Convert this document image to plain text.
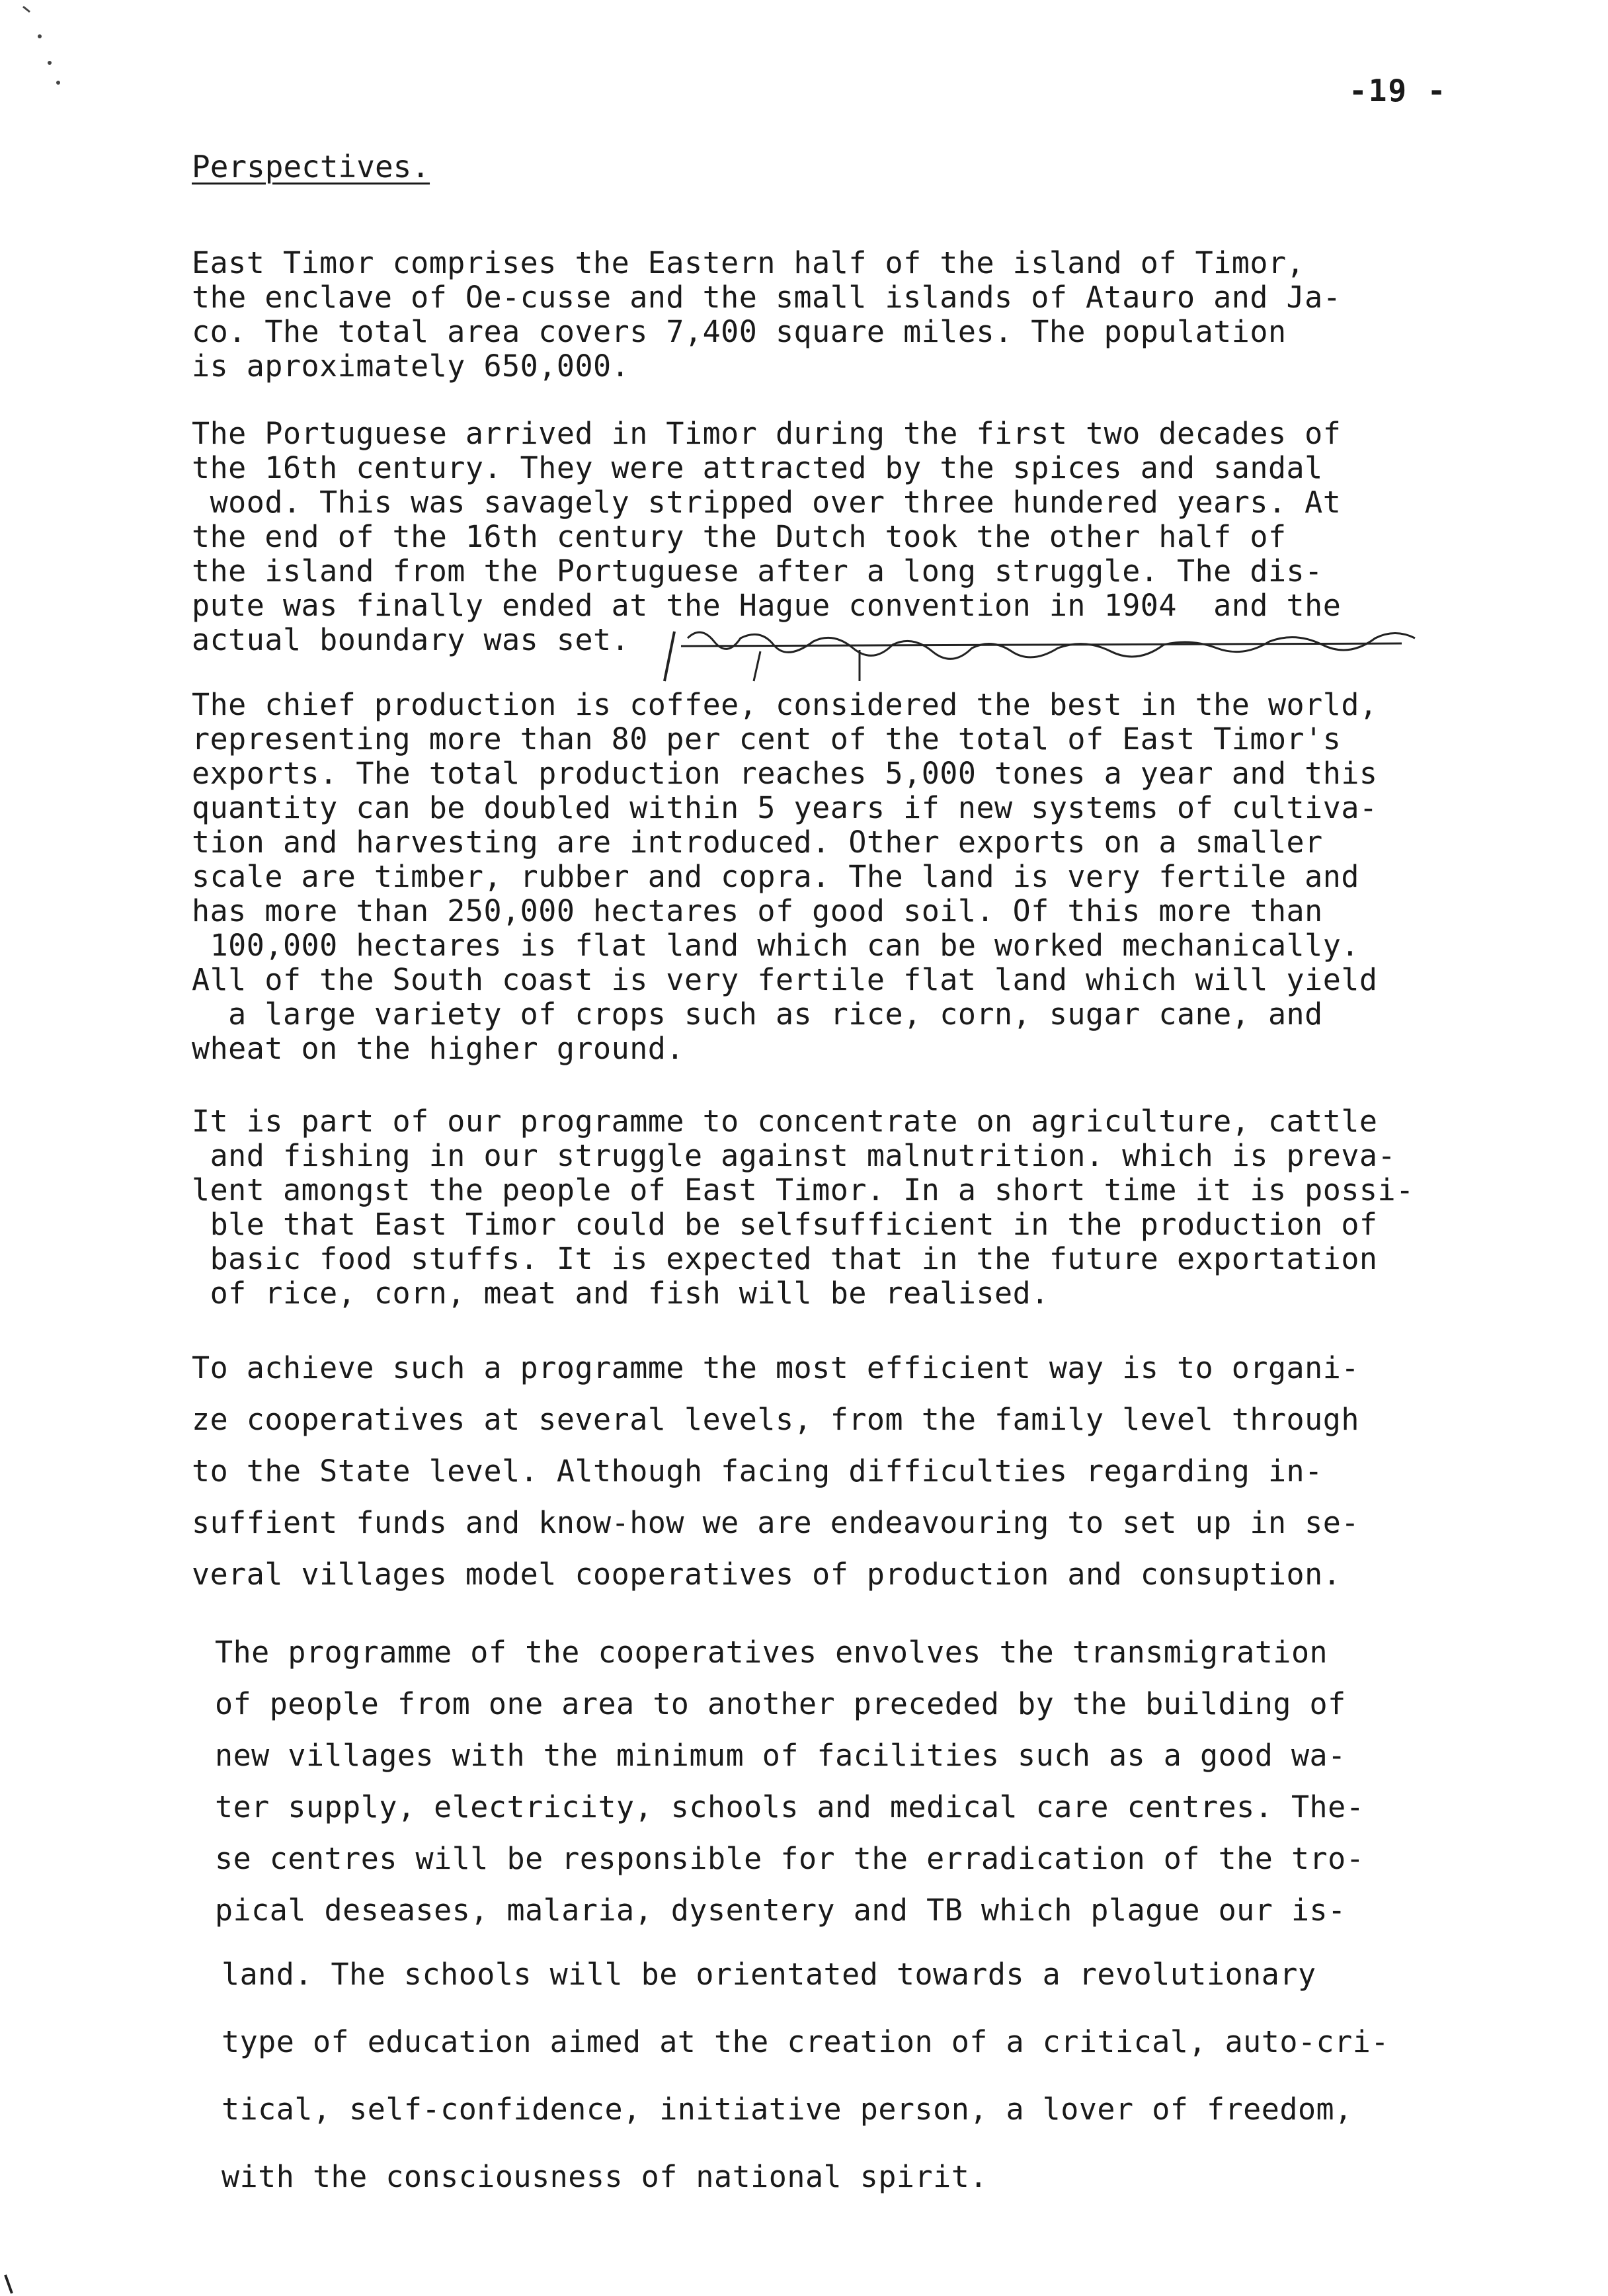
-19 -
Perspectives.
East Timor comprises the Eastern half of the island of Timor,
the enclave of Oe-cusse and the small islands of Atauro and Ja-
co. The total area covers 7,400 square miles. The population
is aproximately 650,000.
The Portuguese arrived in Timor during the first two decades of
the 16th century. They were attracted by the spices and sandal
wood. This was savagely stripped over three hundered years. At
the end of the 16th century the Dutch took the other half of
the island from the Portuguese after a long struggle. The dis-
pute was finally ended at the Hague convention in 1904  and the
actual boundary was set.
The chief production is coffee, considered the best in the world,
representing more than 80 per cent of the total of East Timor's
exports. The total production reaches 5,000 tones a year and this
quantity can be doubled within 5 years if new systems of cultiva-
tion and harvesting are introduced. Other exports on a smaller
scale are timber, rubber and copra. The land is very fertile and
has more than 250,000 hectares of good soil. Of this more than
100,000 hectares is flat land which can be worked mechanically.
All of the South coast is very fertile flat land which will yield
a large variety of crops such as rice, corn, sugar cane, and
wheat on the higher ground.
It is part of our programme to concentrate on agriculture, cattle
and fishing in our struggle against malnutrition. which is preva-
lent amongst the people of East Timor. In a short time it is possi-
ble that East Timor could be selfsufficient in the production of
basic food stuffs. It is expected that in the future exportation
of rice, corn, meat and fish will be realised.
To achieve such a programme the most efficient way is to organi-
ze cooperatives at several levels, from the family level through
to the State level. Although facing difficulties regarding in-
suffient funds and know-how we are endeavouring to set up in se-
veral villages model cooperatives of production and consuption.
The programme of the cooperatives envolves the transmigration
of people from one area to another preceded by the building of
new villages with the minimum of facilities such as a good wa-
ter supply, electricity, schools and medical care centres. The-
se centres will be responsible for the erradication of the tro-
pical deseases, malaria, dysentery and TB which plague our is-
land. The schools will be orientated towards a revolutionary
type of education aimed at the creation of a critical, auto-cri-
tical, self-confidence, initiative person, a lover of freedom,
with the consciousness of national spirit.
